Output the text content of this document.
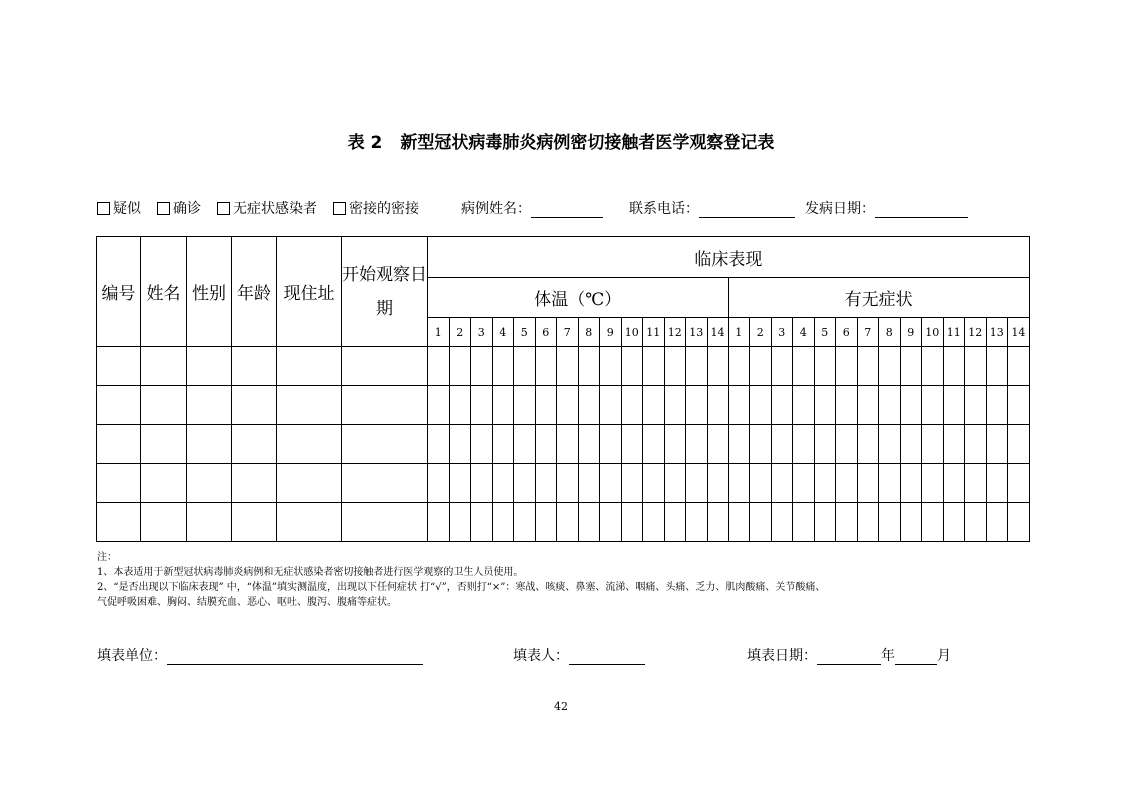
表 2 新型冠状病毒肺炎病例密切接触者医学观察登记表
疑似 确诊 无症状感染者 密接的密接	病例姓名：	联系电话：	发病日期：
编号	姓名	性别	年龄	现住址	开始观察日期	临床表现																											
						体温（℃）														有无症状													
						1	2	3	4	5	6	7	8	9	10	11	12	13	14	1	2	3	4	5	6	7	8	9	10	11	12	13	14

注：
1、本表适用于新型冠状病毒肺炎病例和无症状感染者密切接触者进行医学观察的卫生人员使用。
2、“是否出现以下临床表现” 中，“体温”填实测温度，出现以下任何症状 打“√”，否则打“×”：寒战、咳痰、鼻塞、流涕、咽痛、头痛、乏力、肌肉酸痛、关节酸痛、
气促呼吸困难、胸闷、结膜充血、恶心、呕吐、腹泻、腹痛等症状。
填表单位：	填表人：	填表日期：	年	月
42
